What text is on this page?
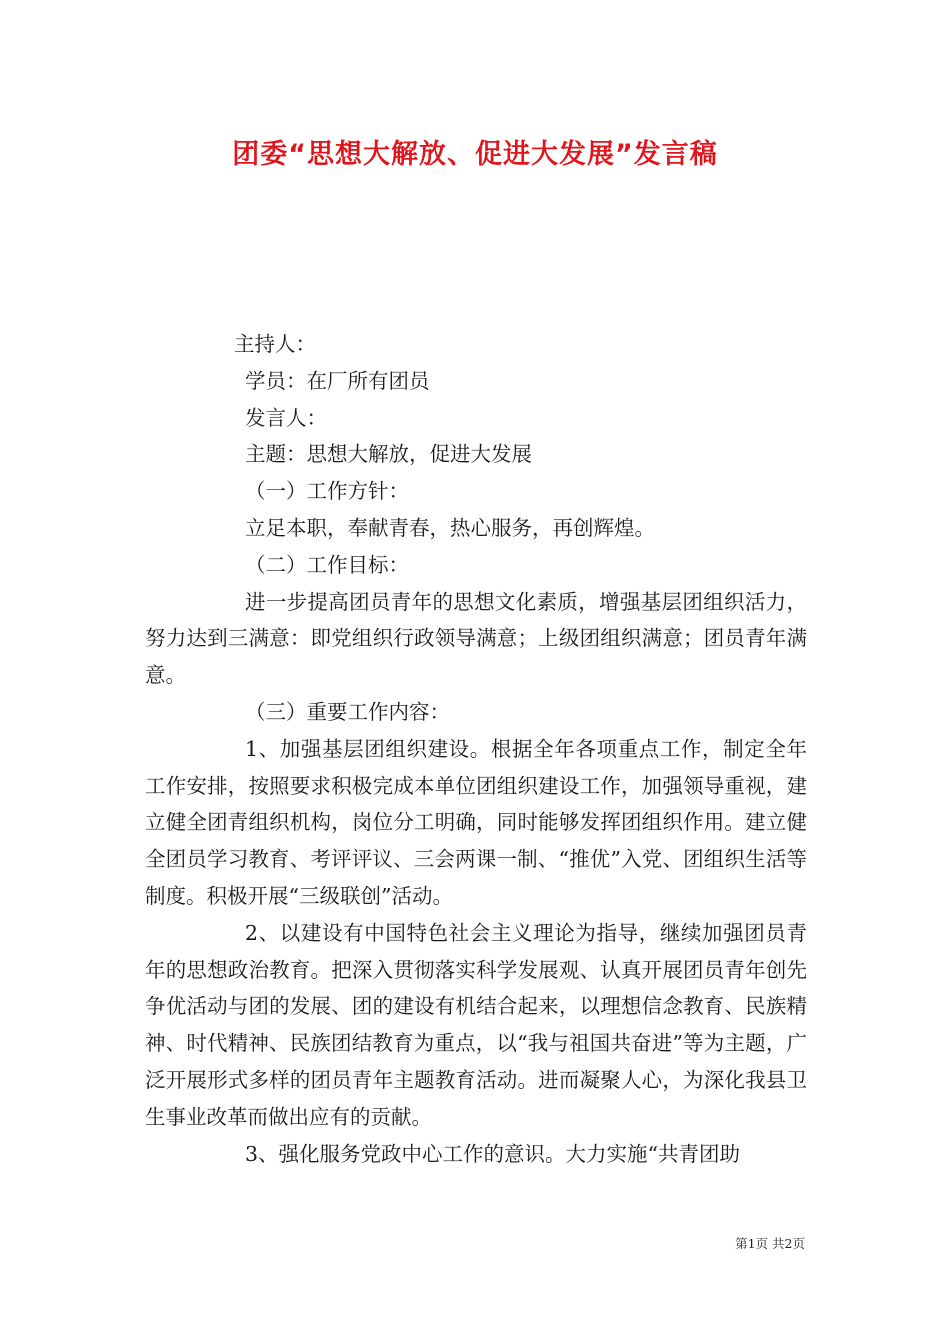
团委“思想大解放、促进大发展”发言稿
主持人：
学员：在厂所有团员
发言人：
主题：思想大解放，促进大发展
（一）工作方针：
立足本职，奉献青春，热心服务，再创辉煌。
（二）工作目标：
进一步提高团员青年的思想文化素质，增强基层团组织活力，努力达到三满意：即党组织行政领导满意；上级团组织满意；团员青年满意。
（三）重要工作内容：
1、加强基层团组织建设。根据全年各项重点工作，制定全年工作安排，按照要求积极完成本单位团组织建设工作，加强领导重视，建立健全团青组织机构，岗位分工明确，同时能够发挥团组织作用。建立健全团员学习教育、考评评议、三会两课一制、“推优”入党、团组织生活等制度。积极开展“三级联创”活动。
2、以建设有中国特色社会主义理论为指导，继续加强团员青年的思想政治教育。把深入贯彻落实科学发展观、认真开展团员青年创先争优活动与团的发展、团的建设有机结合起来，以理想信念教育、民族精神、时代精神、民族团结教育为重点，以“我与祖国共奋进”等为主题，广泛开展形式多样的团员青年主题教育活动。进而凝聚人心，为深化我县卫生事业改革而做出应有的贡献。
3、强化服务党政中心工作的意识。大力实施“共青团助
第1页 共2页
